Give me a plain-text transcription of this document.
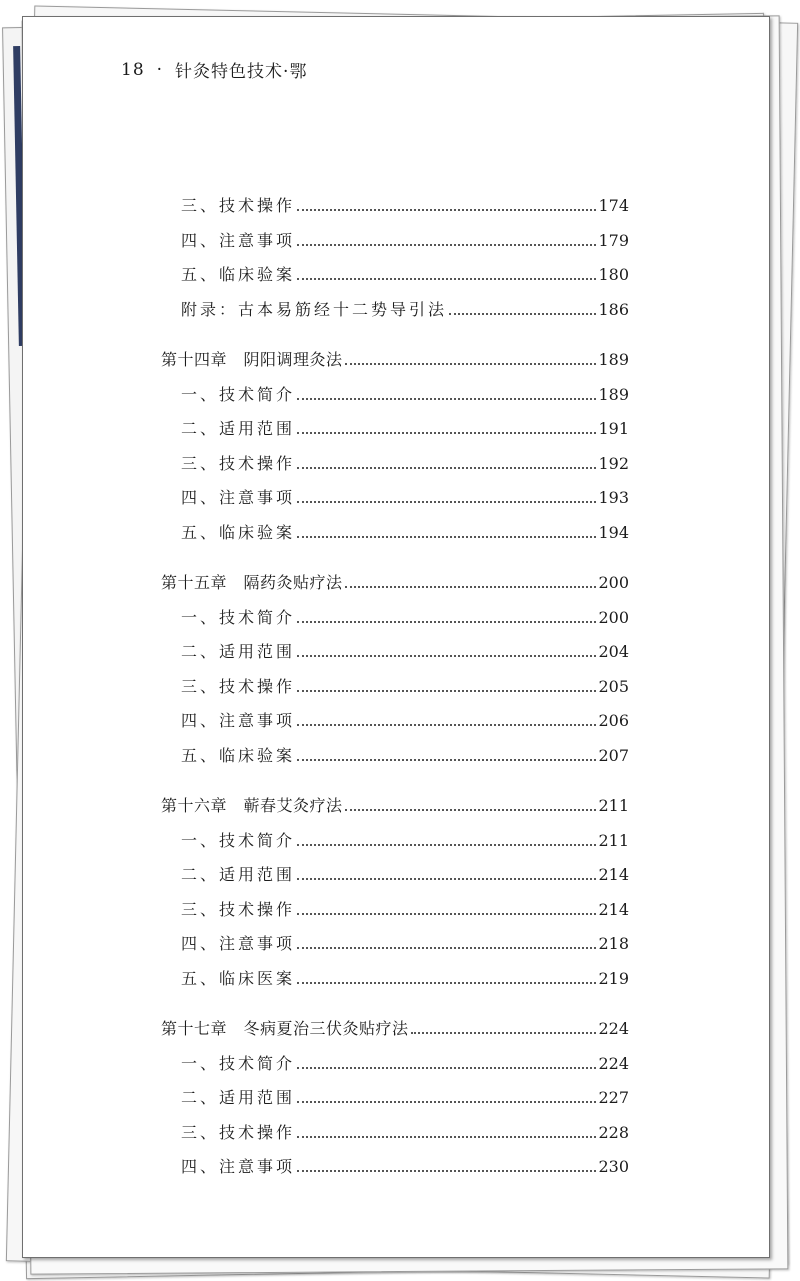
18 · 针灸特色技术·鄂
三、技术操作	174
四、注意事项	179
五、临床验案	180
附录：古本易筋经十二势导引法	186
第十四章　阴阳调理灸法	189
一、技术简介	189
二、适用范围	191
三、技术操作	192
四、注意事项	193
五、临床验案	194
第十五章　隔药灸贴疗法	200
一、技术简介	200
二、适用范围	204
三、技术操作	205
四、注意事项	206
五、临床验案	207
第十六章　蕲春艾灸疗法	211
一、技术简介	211
二、适用范围	214
三、技术操作	214
四、注意事项	218
五、临床医案	219
第十七章　冬病夏治三伏灸贴疗法	224
一、技术简介	224
二、适用范围	227
三、技术操作	228
四、注意事项	230
